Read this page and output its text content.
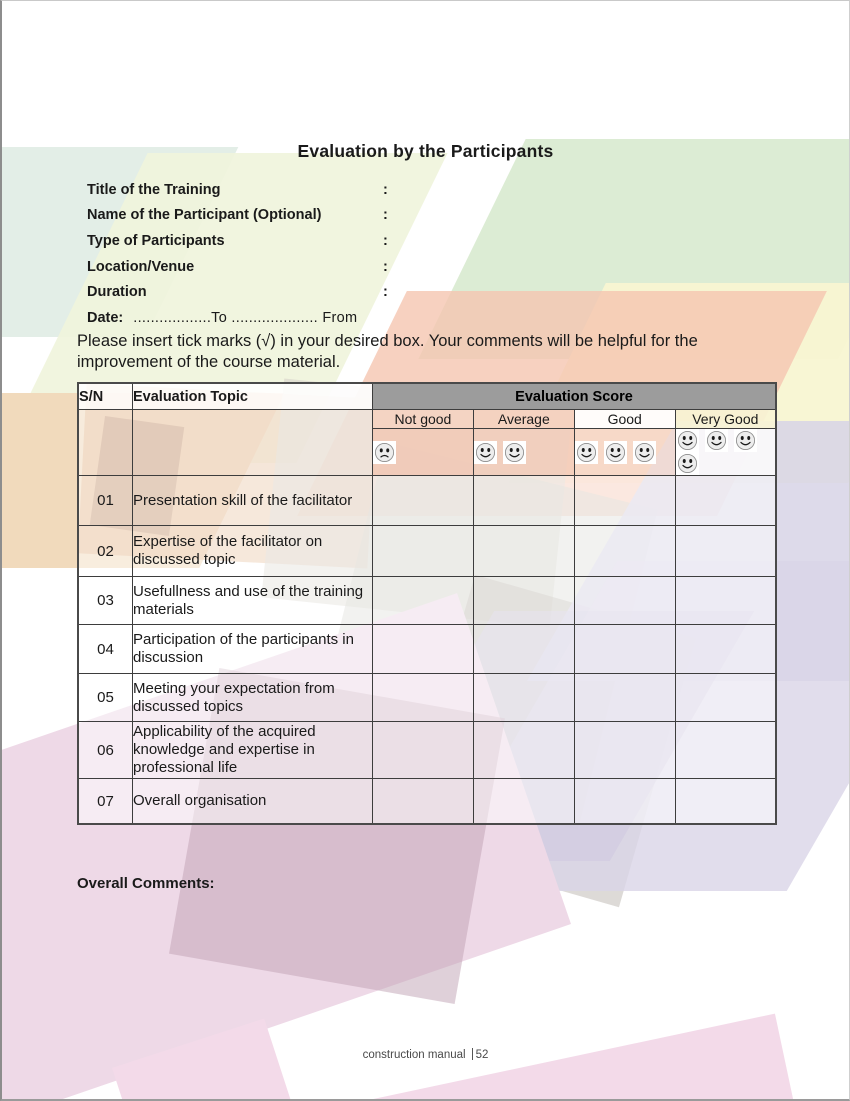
Evaluation by the Participants
Title of the Training	:
Name of the Participant (Optional)	:
Type of Participants	:
Location/Venue	:
Duration	:
Date: ..................To .................... From

Please insert tick marks (√) in your desired box. Your comments will be helpful for the improvement of the course material.

S/N	Evaluation Topic	Evaluation Score			
		Not good	Average	Good	Very Good

01	Presentation skill of the facilitator				
02	Expertise of the facilitator on discussed topic				
03	Usefullness and use of the training materials				
04	Participation of the participants in discussion				
05	Meeting your expectation from discussed topics				
06	Applicability of the acquired knowledge and expertise in professional life				
07	Overall organisation				
Overall Comments:
construction manual 52
